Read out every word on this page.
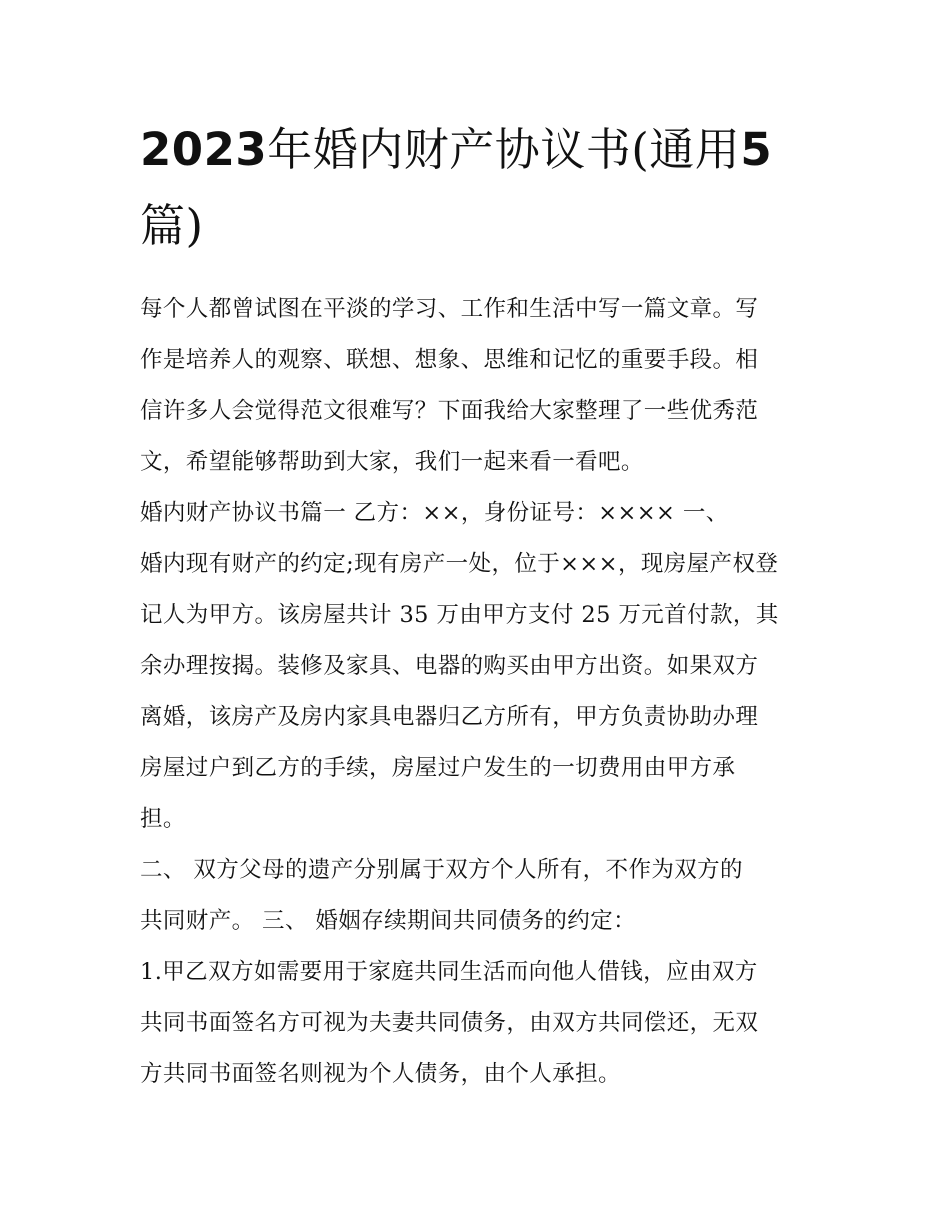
2023年婚内财产协议书(通用5
篇)

每个人都曾试图在平淡的学习、工作和生活中写一篇文章。写
作是培养人的观察、联想、想象、思维和记忆的重要手段。相
信许多人会觉得范文很难写？下面我给大家整理了一些优秀范
文，希望能够帮助到大家，我们一起来看一看吧。

婚内财产协议书篇一 乙方：××，身份证号：×××× 一、
婚内现有财产的约定;现有房产一处，位于×××，现房屋产权登
记人为甲方。该房屋共计 35 万由甲方支付 25 万元首付款，其
余办理按揭。装修及家具、电器的购买由甲方出资。如果双方
离婚，该房产及房内家具电器归乙方所有，甲方负责协助办理
房屋过户到乙方的手续，房屋过户发生的一切费用由甲方承
担。

二、 双方父母的遗产分别属于双方个人所有，不作为双方的
共同财产。 三、 婚姻存续期间共同债务的约定：

1.甲乙双方如需要用于家庭共同生活而向他人借钱，应由双方
共同书面签名方可视为夫妻共同债务，由双方共同偿还，无双
方共同书面签名则视为个人债务，由个人承担。
